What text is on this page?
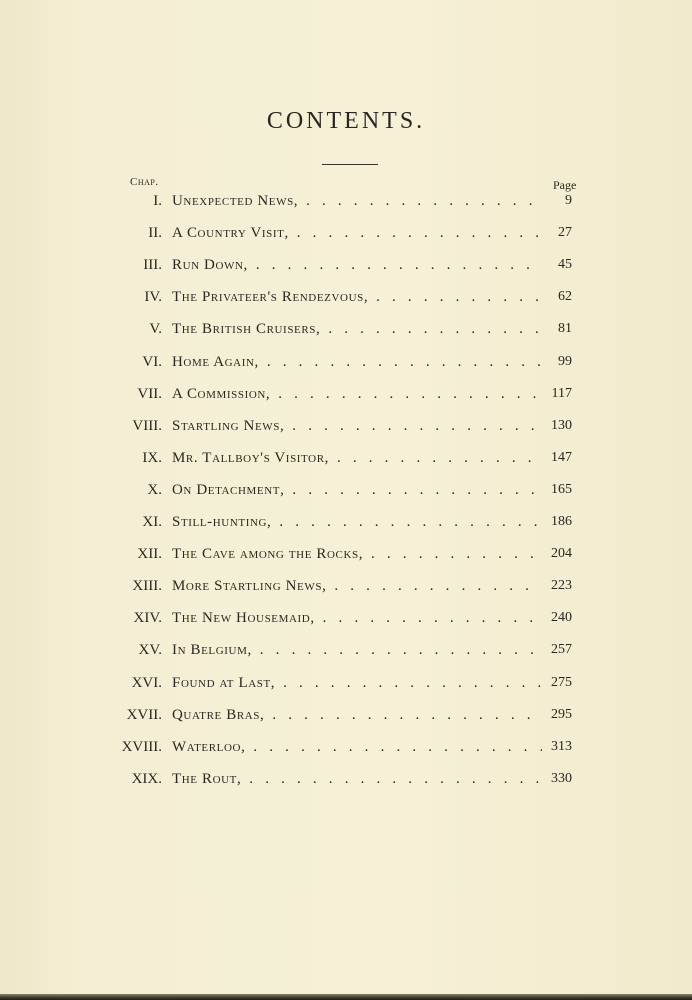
CONTENTS.
Chap.	Page
I. Unexpected News, . . .	9
II. A Country Visit, . . .	27
III. Run Down, . . .	45
IV. The Privateer's Rendezvous, . . .	62
V. The British Cruisers, . . .	81
VI. Home Again, . . .	99
VII. A Commission, . . .	117
VIII. Startling News, . . .	130
IX. Mr. Tallboy's Visitor, . . .	147
X. On Detachment, . . .	165
XI. Still-hunting, . . .	186
XII. The Cave among the Rocks, . . .	204
XIII. More Startling News, . . .	223
XIV. The New Housemaid, . . .	240
XV. In Belgium, . . .	257
XVI. Found at Last, . . .	275
XVII. Quatre Bras, . . .	295
XVIII. Waterloo, . . .	313
XIX. The Rout, . . .	330
